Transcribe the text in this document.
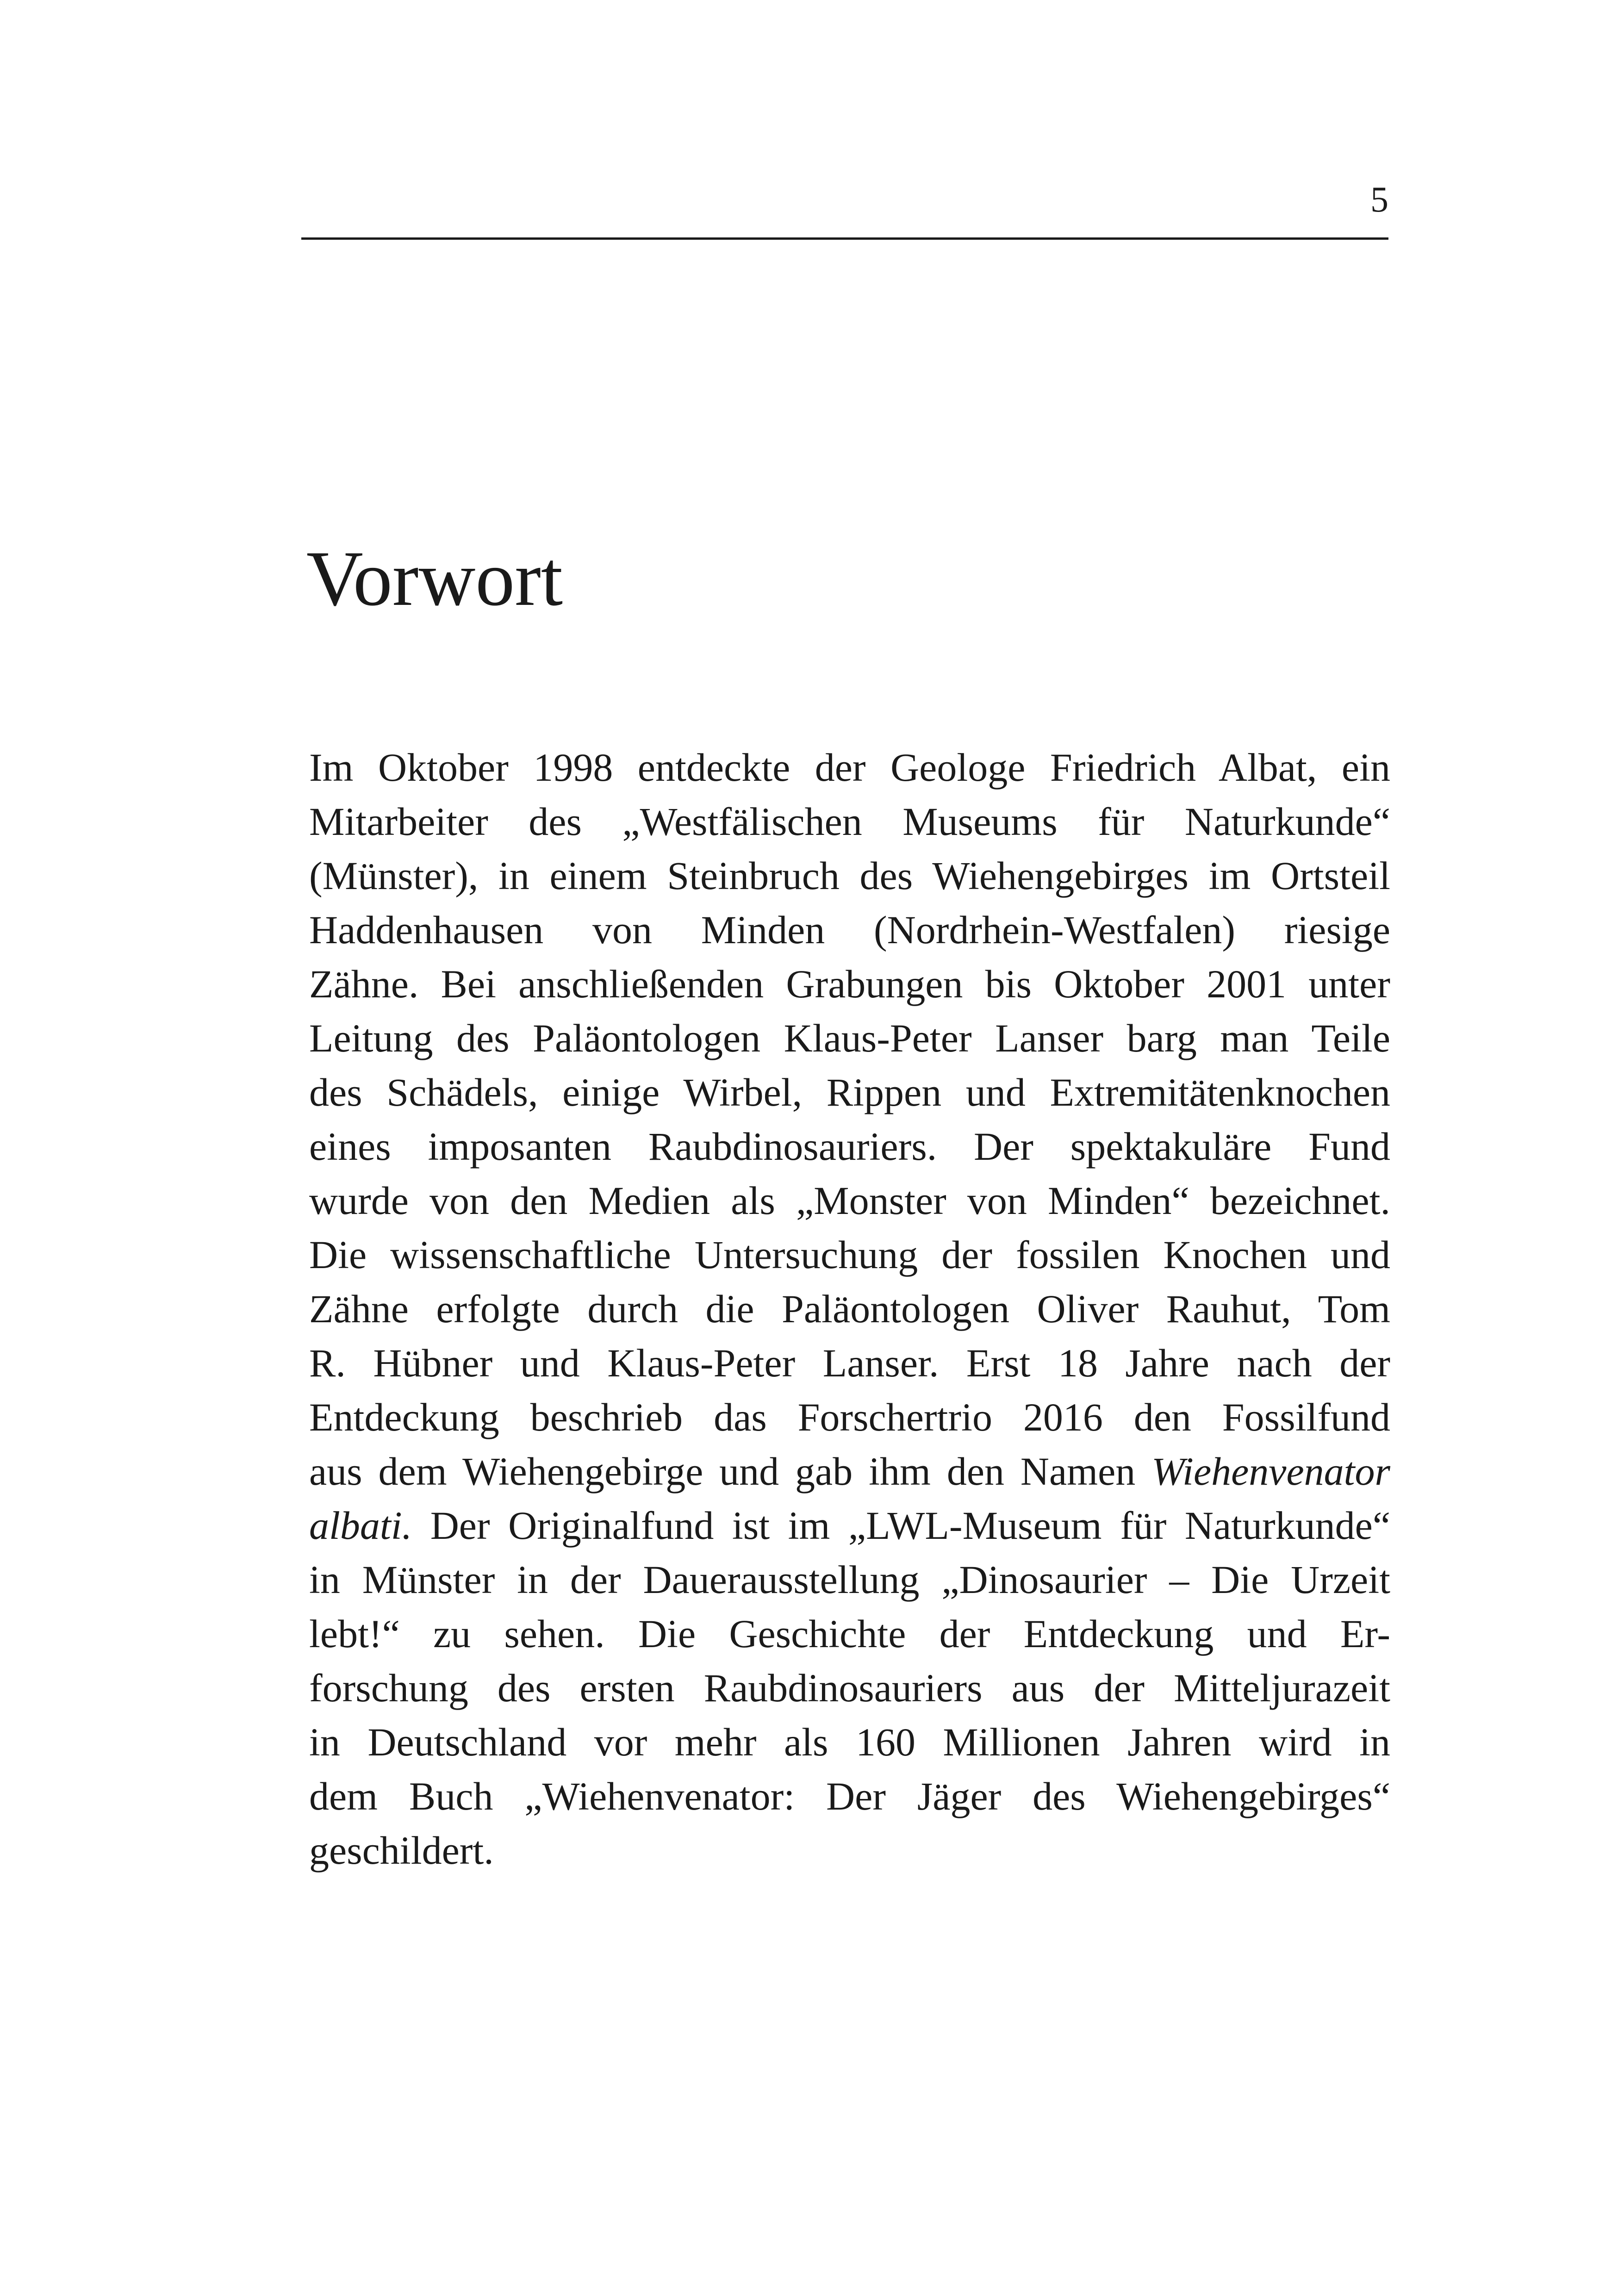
5
Vorwort
Im Oktober 1998 entdeckte der Geologe Friedrich Albat, ein
Mitarbeiter des „Westfälischen Museums für Naturkunde“
(Münster), in einem Steinbruch des Wiehengebirges im Ortsteil
Haddenhausen von Minden (Nordrhein-Westfalen) riesige
Zähne. Bei anschließenden Grabungen bis Oktober 2001 unter
Leitung des Paläontologen Klaus-Peter Lanser barg man Teile
des Schädels, einige Wirbel, Rippen und Extremitätenknochen
eines imposanten Raubdinosauriers. Der spektakuläre Fund
wurde von den Medien als „Monster von Minden“ bezeichnet.
Die wissenschaftliche Untersuchung der fossilen Knochen und
Zähne erfolgte durch die Paläontologen Oliver Rauhut, Tom
R. Hübner und Klaus-Peter Lanser. Erst 18 Jahre nach der
Entdeckung beschrieb das Forschertrio 2016 den Fossilfund
aus dem Wiehengebirge und gab ihm den Namen Wiehenvenator
albati. Der Originalfund ist im „LWL-Museum für Naturkunde“
in Münster in der Dauerausstellung „Dinosaurier – Die Urzeit
lebt!“ zu sehen. Die Geschichte der Entdeckung und Er-
forschung des ersten Raubdinosauriers aus der Mitteljurazeit
in Deutschland vor mehr als 160 Millionen Jahren wird in
dem Buch „Wiehenvenator: Der Jäger des Wiehengebirges“
geschildert.
